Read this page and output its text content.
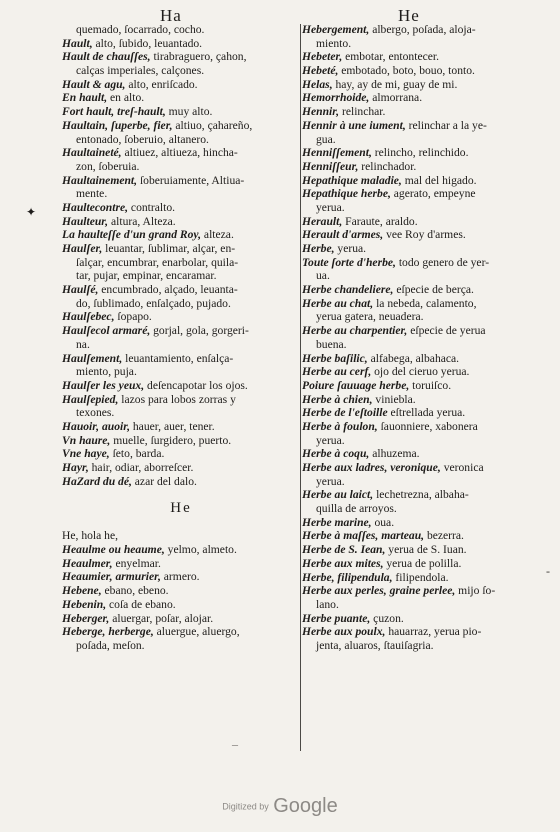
Ha	He
quemado, ſocarrado, cocho.
Hault, alto, ſubido, leuantado.
Hault de chauſſes, tirabraguero, çahon,
calças imperiales, calçones.
Hault & agu, alto, enriſcado.
En hault, en alto.
Fort hault, treſ-hault, muy alto.
Haultain, ſuperbe, fier, altiuo, çahareño,
entonado, ſoberuio, altanero.
Haultaineté, altiuez, altiueza, hincha-
zon, ſoberuia.
Haultainement, ſoberuiamente, Altiua-
mente.
Haultecontre, contralto.
Haulteur, altura, Alteza.
La haulteſſe d'un grand Roy, alteza.
Haulſer, leuantar, ſublimar, alçar, en-
ſalçar, encumbrar, enarbolar, quila-
tar, pujar, empinar, encaramar.
Haulſé, encumbrado, alçado, leuanta-
do, ſublimado, enſalçado, pujado.
Haulſebec, ſopapo.
Haulſecol armaré, gorjal, gola, gorgeri-
na.
Haulſement, leuantamiento, enſalça-
miento, puja.
Haulſer les yeux, deſencapotar los ojos.
Haulſepied, lazos para lobos zorras y
texones.
Hauoir, auoir, hauer, auer, tener.
Vn haure, muelle, ſurgidero, puerto.
Vne haye, ſeto, barda.
Hayr, hair, odiar, aborreſcer.
HaZard du dé, azar del dalo.
He
He, hola he,
Heaulme ou heaume, yelmo, almeto.
Heaulmer, enyelmar.
Heaumier, armurier, armero.
Hebene, ebano, ebeno.
Hebenin, coſa de ebano.
Heberger, aluergar, poſar, alojar.
Heberge, herberge, aluergue, aluergo,
poſada, meſon.
Hebergement, albergo, poſada, aloja-
miento.
Hebeter, embotar, entontecer.
Hebeté, embotado, boto, bouo, tonto.
Helas, hay, ay de mi, guay de mi.
Hemorrhoide, almorrana.
Hennir, relinchar.
Hennir à une iument, relinchar a la ye-
gua.
Henniſſement, relincho, relinchido.
Henniſſeur, relinchador.
Hepathique maladie, mal del higado.
Hepathique herbe, agerato, empeyne
yerua.
Herault, Faraute, araldo.
Herault d'armes, vee Roy d'armes.
Herbe, yerua.
Toute ſorte d'herbe, todo genero de yer-
ua.
Herbe chandeliere, eſpecie de berça.
Herbe au chat, la nebeda, calamento,
yerua gatera, neuadera.
Herbe au charpentier, eſpecie de yerua
buena.
Herbe baſilic, alfabega, albahaca.
Herbe au cerf, ojo del cieruo yerua.
Poiure ſauuage herbe, toruiſco.
Herbe à chien, viniebla.
Herbe de l'eſtoille eſtrellada yerua.
Herbe à foulon, ſauonniere, xabonera
yerua.
Herbe à coqu, alhuzema.
Herbe aux ladres, veronique, veronica
yerua.
Herbe au laict, lechetrezna, albaha-
quilla de arroyos.
Herbe marine, oua.
Herbe à maſſes, marteau, bezerra.
Herbe de S. Iean, yerua de S. Iuan.
Herbe aux mites, yerua de polilla.
Herbe, filipendula, filipendola.
Herbe aux perles, graine perlee, mijo ſo-
lano.
Herbe puante, çuzon.
Herbe aux poulx, hauarraz, yerua pio-
jenta, aluaros, ſtauiſagria.
✦
–
-
Digitized by Google
